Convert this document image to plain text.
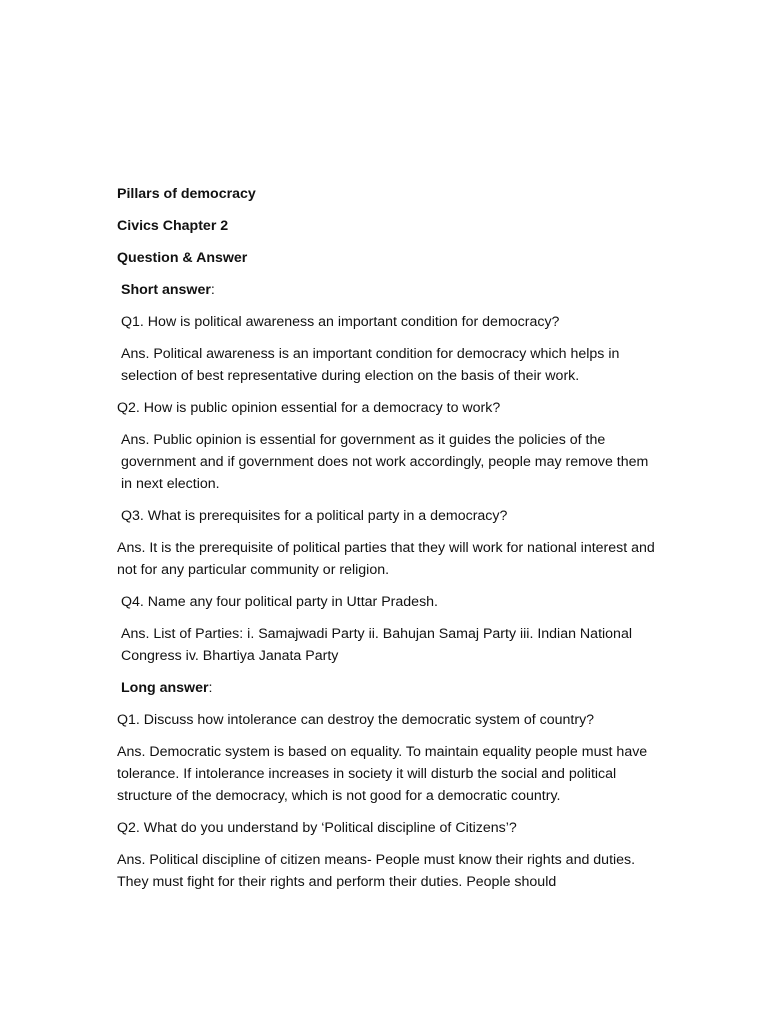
Pillars of democracy

Civics Chapter 2

Question & Answer

Short answer:

Q1. How is political awareness an important condition for democracy?

Ans. Political awareness is an important condition for democracy which helps in selection of best representative during election on the basis of their work.

Q2. How is public opinion essential for a democracy to work?

Ans. Public opinion is essential for government as it guides the policies of the government and if government does not work accordingly, people may remove them in next election.

Q3. What is prerequisites for a political party in a democracy?

Ans. It is the prerequisite of political parties that they will work for national interest and not for any particular community or religion.

Q4. Name any four political party in Uttar Pradesh.

Ans. List of Parties: i. Samajwadi Party ii. Bahujan Samaj Party iii. Indian National Congress iv. Bhartiya Janata Party

Long answer:

Q1. Discuss how intolerance can destroy the democratic system of country?

Ans. Democratic system is based on equality. To maintain equality people must have tolerance. If intolerance increases in society it will disturb the social and political structure of the democracy, which is not good for a democratic country.

Q2. What do you understand by ‘Political discipline of Citizens’?

Ans. Political discipline of citizen means- People must know their rights and duties. They must fight for their rights and perform their duties. People should
